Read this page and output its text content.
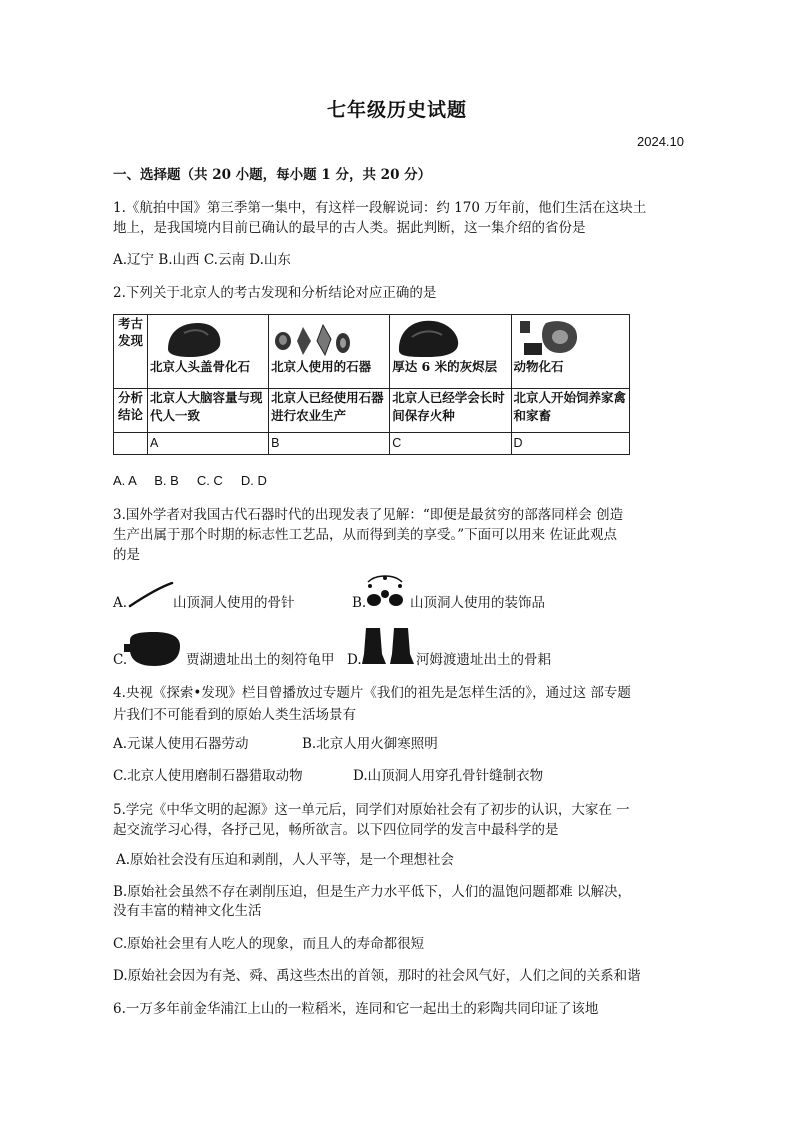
七年级历史试题
2024.10
一、选择题（共 20 小题，每小题 1 分，共 20 分）
1.《航拍中国》第三季第一集中，有这样一段解说词：约 170 万年前，他们生活在这块土
地上，是我国境内目前已确认的最早的古人类。据此判断，这一集介绍的省份是
A.辽宁 B.山西 C.云南 D.山东
2.下列关于北京人的考古发现和分析结论对应正确的是
考古发现	北京人头盖骨化石	北京人使用的石器	厚达 6 米的灰烬层	动物化石

分析结论	北京人大脑容量与现代人一致	北京人已经使用石器进行农业生产	北京人已经学会长时间保存火种	北京人开始饲养家禽和家畜
	A	B	C	D
A. A     B. B     C. C     D. D
3.国外学者对我国古代石器时代的出现发表了见解：“即便是最贫穷的部落同样会 创造
生产出属于那个时期的标志性工艺品，从而得到美的享受。”下面可以用来 佐证此观点
的是
A.	山顶洞人使用的骨针	B.	山顶洞人使用的装饰品
C.	贾湖遗址出土的刻符龟甲 D.	河姆渡遗址出土的骨耜
4.央视《探索•发现》栏目曾播放过专题片《我们的祖先是怎样生活的》，通过这 部专题
片我们不可能看到的原始人类生活场景有
A.元谋人使用石器劳动	B.北京人用火御寒照明
C.北京人使用磨制石器猎取动物	D.山顶洞人用穿孔骨针缝制衣物
5.学完《中华文明的起源》这一单元后，同学们对原始社会有了初步的认识，大家在 一
起交流学习心得，各抒己见，畅所欲言。以下四位同学的发言中最科学的是
A.原始社会没有压迫和剥削，人人平等，是一个理想社会
B.原始社会虽然不存在剥削压迫，但是生产力水平低下，人们的温饱问题都难 以解决，
没有丰富的精神文化生活
C.原始社会里有人吃人的现象，而且人的寿命都很短
D.原始社会因为有尧、舜、禹这些杰出的首领，那时的社会风气好，人们之间的关系和谐
6.一万多年前金华浦江上山的一粒稻米，连同和它一起出土的彩陶共同印证了该地
